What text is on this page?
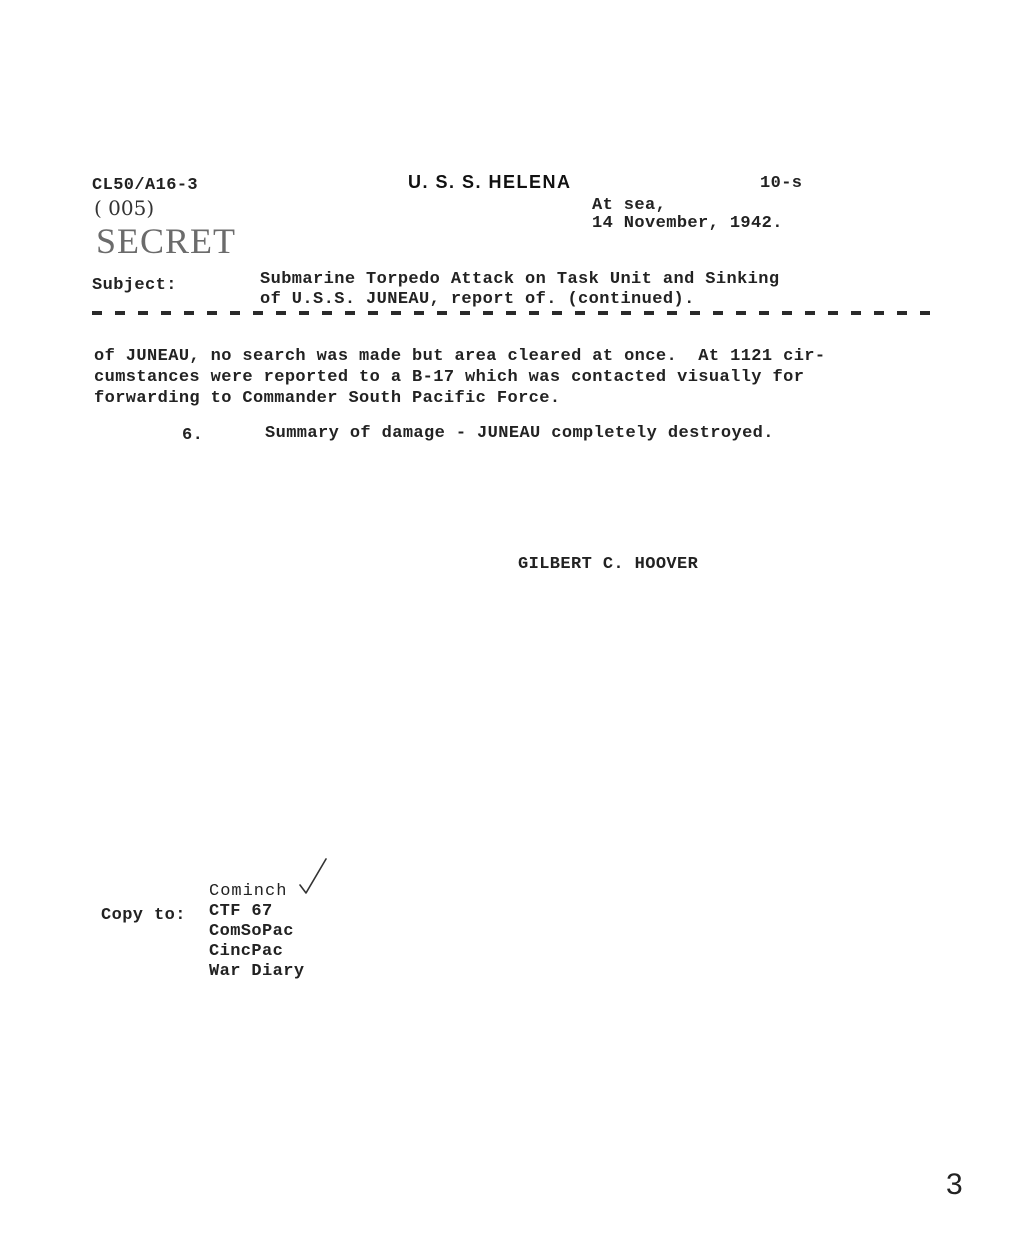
CL50/A16-3
( 005)
U. S. S. HELENA	10-s
At sea,
14 November, 1942.
SECRET
Subject:	Submarine Torpedo Attack on Task Unit and Sinking
of U.S.S. JUNEAU, report of. (continued).
of JUNEAU, no search was made but area cleared at once.  At 1121 cir-
cumstances were reported to a B-17 which was contacted visually for
forwarding to Commander South Pacific Force.
6.	Summary of damage - JUNEAU completely destroyed.
GILBERT C. HOOVER
Copy to:
Cominch
CTF 67
ComSoPac
CincPac
War Diary
3
